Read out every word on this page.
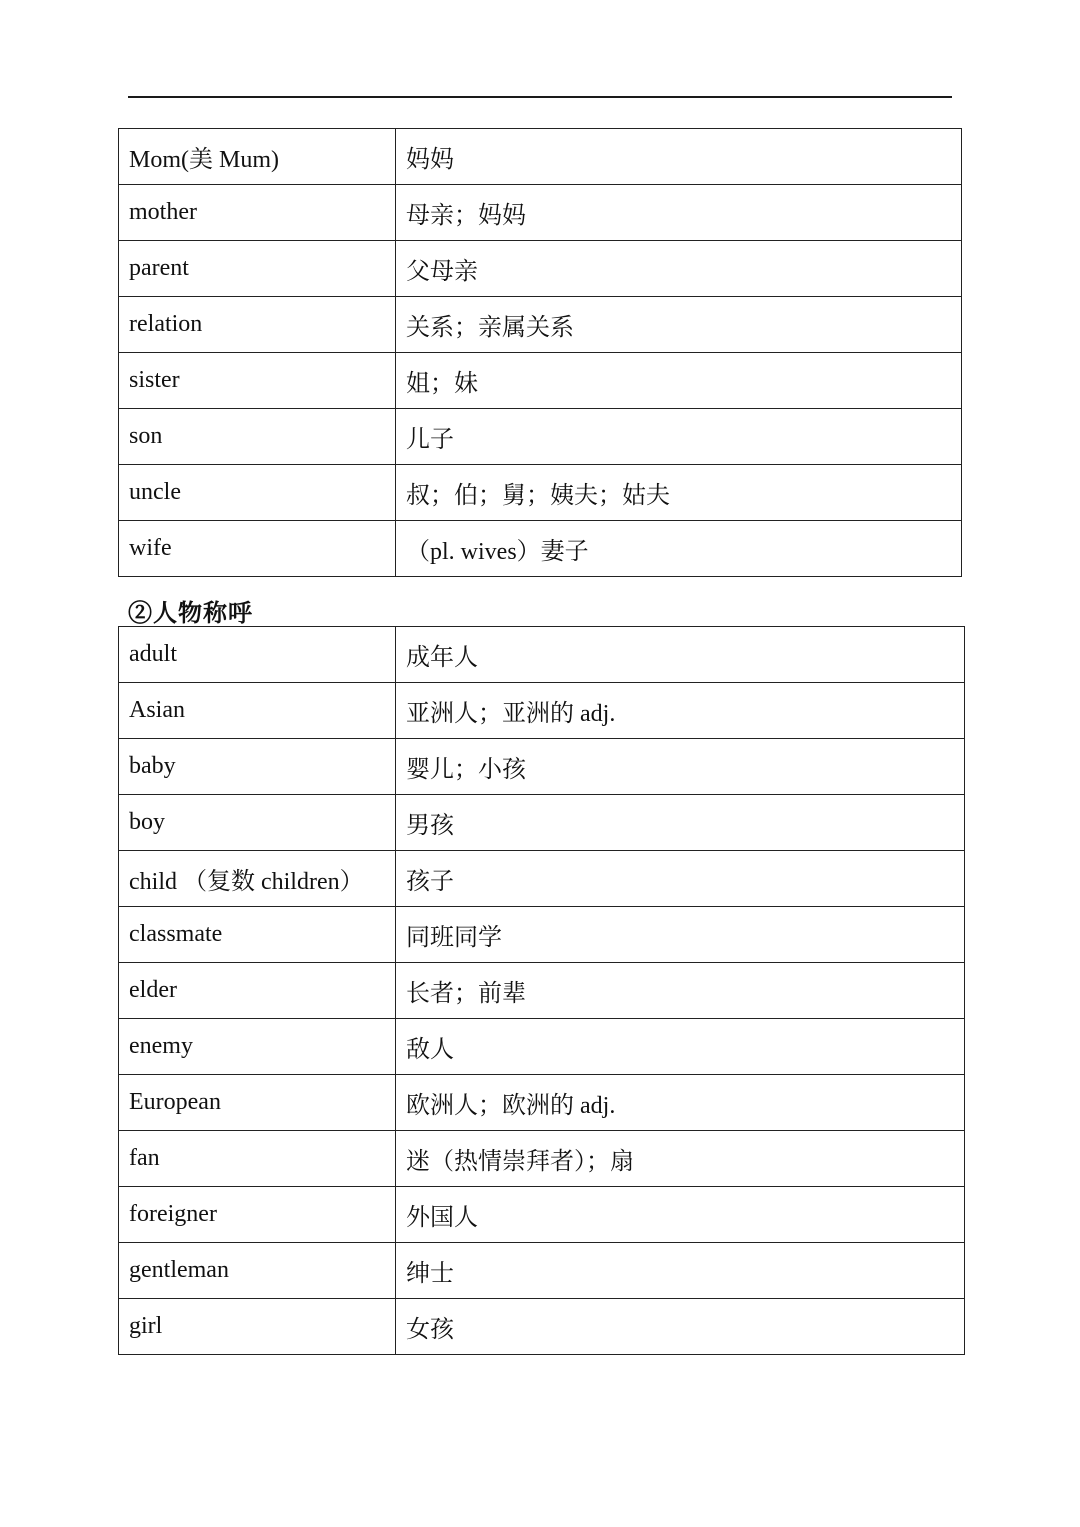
Mom(美 Mum)	妈妈
mother	母亲；妈妈
parent	父母亲
relation	关系；亲属关系
sister	姐；妹
son	儿子
uncle	叔；伯；舅；姨夫；姑夫
wife	（pl. wives）妻子
②人物称呼
adult	成年人
Asian	亚洲人；亚洲的 adj.
baby	婴儿；小孩
boy	男孩
child （复数 children）	孩子
classmate	同班同学
elder	长者；前辈
enemy	敌人
European	欧洲人；欧洲的 adj.
fan	迷（热情崇拜者）；扇
foreigner	外国人
gentleman	绅士
girl	女孩
